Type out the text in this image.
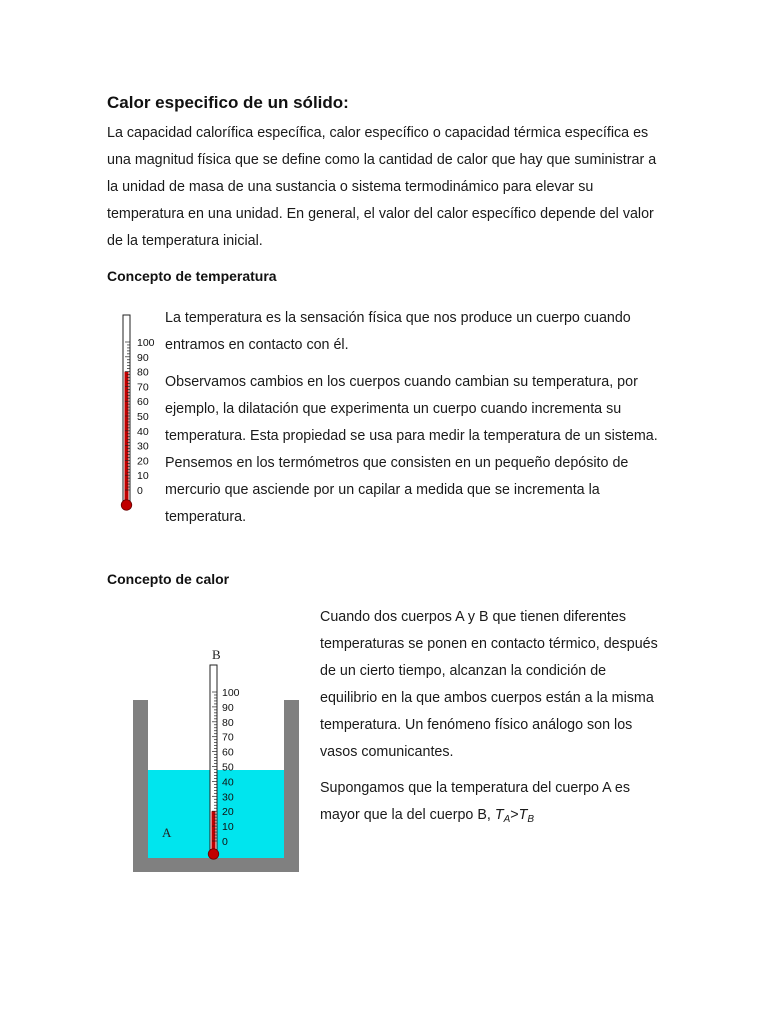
Calor especifico de un sólido:

La capacidad calorífica específica, calor específico o capacidad térmica específica es una magnitud física que se define como la cantidad de calor que hay que suministrar a la unidad de masa de una sustancia o sistema termodinámico para elevar su temperatura en una unidad. En general, el valor del calor específico depende del valor de la temperatura inicial.

Concepto de temperatura
100
90
80
70
60
50
40
30
20
10
0

La temperatura es la sensación física que nos produce un cuerpo cuando entramos en contacto con él.

Observamos cambios en los cuerpos cuando cambian su temperatura, por ejemplo, la dilatación que experimenta un cuerpo cuando incrementa su temperatura. Esta propiedad se usa para medir la temperatura de un sistema. Pensemos en los termómetros que consisten en un pequeño depósito de mercurio que asciende por un capilar a medida que se incrementa la temperatura.

Concepto de calor
A
100
90
80
70
60
50
40
30
20
10
0
B

Cuando dos cuerpos A y B que tienen diferentes temperaturas se ponen en contacto térmico, después de un cierto tiempo, alcanzan la condición de equilibrio en la que ambos cuerpos están a la misma temperatura. Un fenómeno físico análogo son los vasos comunicantes.

Supongamos que la temperatura del cuerpo A es mayor que la del cuerpo B, $T_A>T_B$
